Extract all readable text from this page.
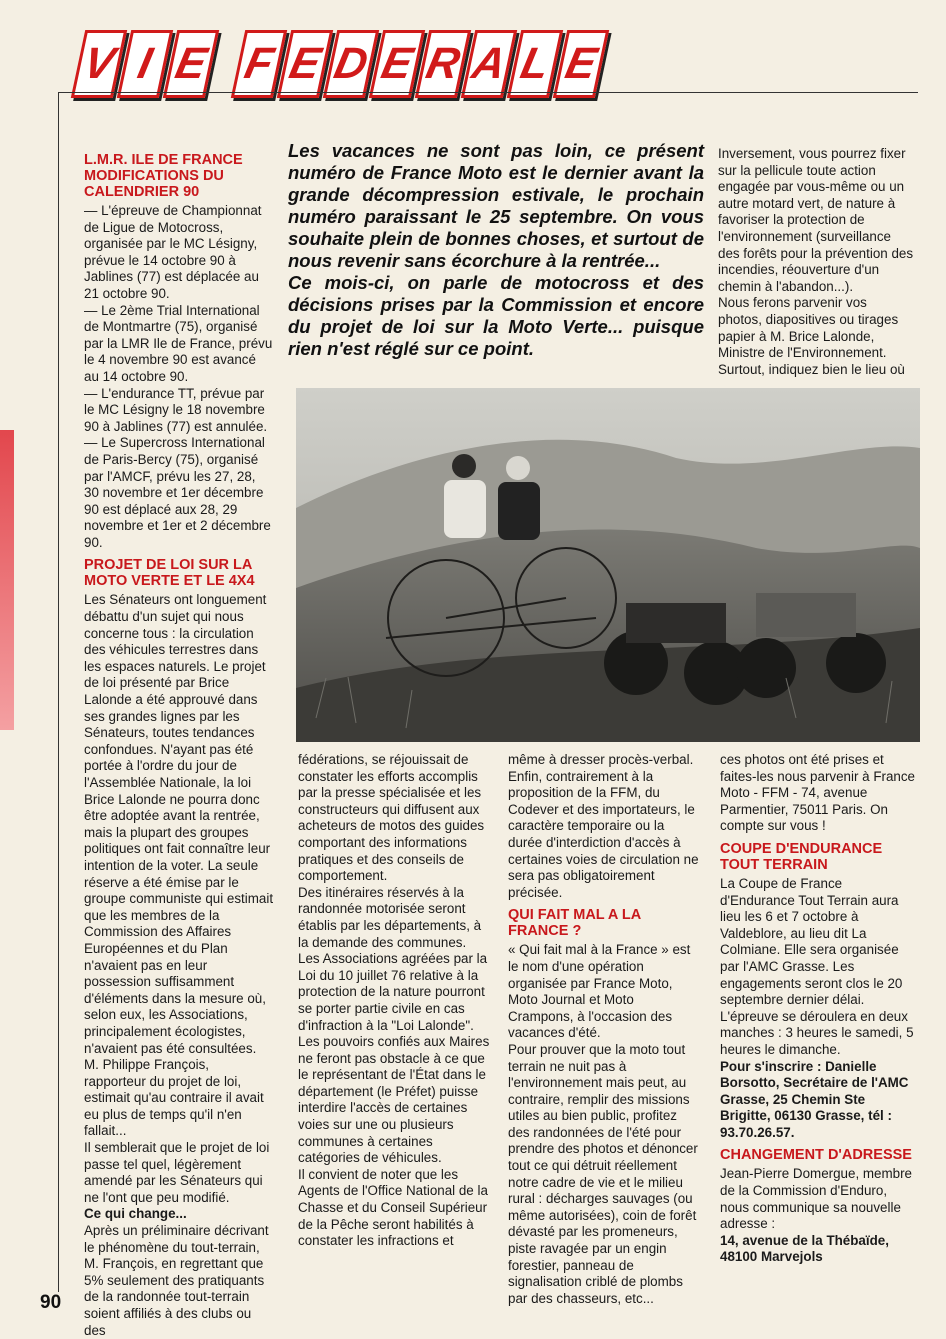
V I E F E D E R A L E

Les vacances ne sont pas loin, ce présent numéro de France Moto est le dernier avant la grande décompression estivale, le prochain numéro paraissant le 25 septembre. On vous souhaite plein de bonnes choses, et surtout de nous revenir sans écorchure à la rentrée...

Ce mois-ci, on parle de motocross et des décisions prises par la Commission et encore du projet de loi sur la Moto Verte... puisque rien n'est réglé sur ce point.

L.M.R. ILE DE FRANCE MODIFICATIONS DU CALENDRIER 90

— L'épreuve de Championnat de Ligue de Motocross, organisée par le MC Lésigny, prévue le 14 octobre 90 à Jablines (77) est déplacée au 21 octobre 90.

— Le 2ème Trial International de Montmartre (75), organisé par la LMR Ile de France, prévu le 4 novembre 90 est avancé au 14 octobre 90.

— L'endurance TT, prévue par le MC Lésigny le 18 novembre 90 à Jablines (77) est annulée.

— Le Supercross International de Paris-Bercy (75), organisé par l'AMCF, prévu les 27, 28, 30 novembre et 1er décembre 90 est déplacé aux 28, 29 novembre et 1er et 2 décembre 90.

PROJET DE LOI SUR LA MOTO VERTE ET LE 4X4

Les Sénateurs ont longuement débattu d'un sujet qui nous concerne tous : la circulation des véhicules terrestres dans les espaces naturels. Le projet de loi présenté par Brice Lalonde a été approuvé dans ses grandes lignes par les Sénateurs, toutes tendances confondues. N'ayant pas été portée à l'ordre du jour de l'Assemblée Nationale, la loi Brice Lalonde ne pourra donc être adoptée avant la rentrée, mais la plupart des groupes politiques ont fait connaître leur intention de la voter. La seule réserve a été émise par le groupe communiste qui estimait que les membres de la Commission des Affaires Européennes et du Plan n'avaient pas en leur possession suffisamment d'éléments dans la mesure où, selon eux, les Associations, principalement écologistes, n'avaient pas été consultées. M. Philippe François, rapporteur du projet de loi, estimait qu'au contraire il avait eu plus de temps qu'il n'en fallait...

Il semblerait que le projet de loi passe tel quel, légèrement amendé par les Sénateurs qui ne l'ont que peu modifié.

Ce qui change...

Après un préliminaire décrivant le phénomène du tout-terrain, M. François, en regrettant que 5% seulement des pratiquants de la randonnée tout-terrain soient affiliés à des clubs ou des

fédérations, se réjouissait de constater les efforts accomplis par la presse spécialisée et les constructeurs qui diffusent aux acheteurs de motos des guides comportant des informations pratiques et des conseils de comportement.

Des itinéraires réservés à la randonnée motorisée seront établis par les départements, à la demande des communes.

Les Associations agréées par la Loi du 10 juillet 76 relative à la protection de la nature pourront se porter partie civile en cas d'infraction à la "Loi Lalonde".

Les pouvoirs confiés aux Maires ne feront pas obstacle à ce que le représentant de l'État dans le département (le Préfet) puisse interdire l'accès de certaines voies sur une ou plusieurs communes à certaines catégories de véhicules.

Il convient de noter que les Agents de l'Office National de la Chasse et du Conseil Supérieur de la Pêche seront habilités à constater les infractions et

même à dresser procès-verbal.

Enfin, contrairement à la proposition de la FFM, du Codever et des importateurs, le caractère temporaire ou la durée d'interdiction d'accès à certaines voies de circulation ne sera pas obligatoirement précisée.

QUI FAIT MAL A LA FRANCE ?

« Qui fait mal à la France » est le nom d'une opération organisée par France Moto, Moto Journal et Moto Crampons, à l'occasion des vacances d'été.

Pour prouver que la moto tout terrain ne nuit pas à l'environnement mais peut, au contraire, remplir des missions utiles au bien public, profitez des randonnées de l'été pour prendre des photos et dénoncer tout ce qui détruit réellement notre cadre de vie et le milieu rural : décharges sauvages (ou même autorisées), coin de forêt dévasté par les promeneurs, piste ravagée par un engin forestier, panneau de signalisation criblé de plombs par des chasseurs, etc...

Inversement, vous pourrez fixer sur la pellicule toute action engagée par vous-même ou un autre motard vert, de nature à favoriser la protection de l'environnement (surveillance des forêts pour la prévention des incendies, réouverture d'un chemin à l'abandon...).

Nous ferons parvenir vos photos, diapositives ou tirages papier à M. Brice Lalonde, Ministre de l'Environnement.

Surtout, indiquez bien le lieu où

ces photos ont été prises et faites-les nous parvenir à France Moto - FFM - 74, avenue Parmentier, 75011 Paris. On compte sur vous !

COUPE D'ENDURANCE TOUT TERRAIN

La Coupe de France d'Endurance Tout Terrain aura lieu les 6 et 7 octobre à Valdeblore, au lieu dit La Colmiane. Elle sera organisée par l'AMC Grasse. Les engagements seront clos le 20 septembre dernier délai. L'épreuve se déroulera en deux manches : 3 heures le samedi, 5 heures le dimanche.

Pour s'inscrire : Danielle Borsotto, Secrétaire de l'AMC Grasse, 25 Chemin Ste Brigitte, 06130 Grasse, tél : 93.70.26.57.

CHANGEMENT D'ADRESSE

Jean-Pierre Domergue, membre de la Commission d'Enduro, nous communique sa nouvelle adresse :

14, avenue de la Thébaïde, 48100 Marvejols

90
